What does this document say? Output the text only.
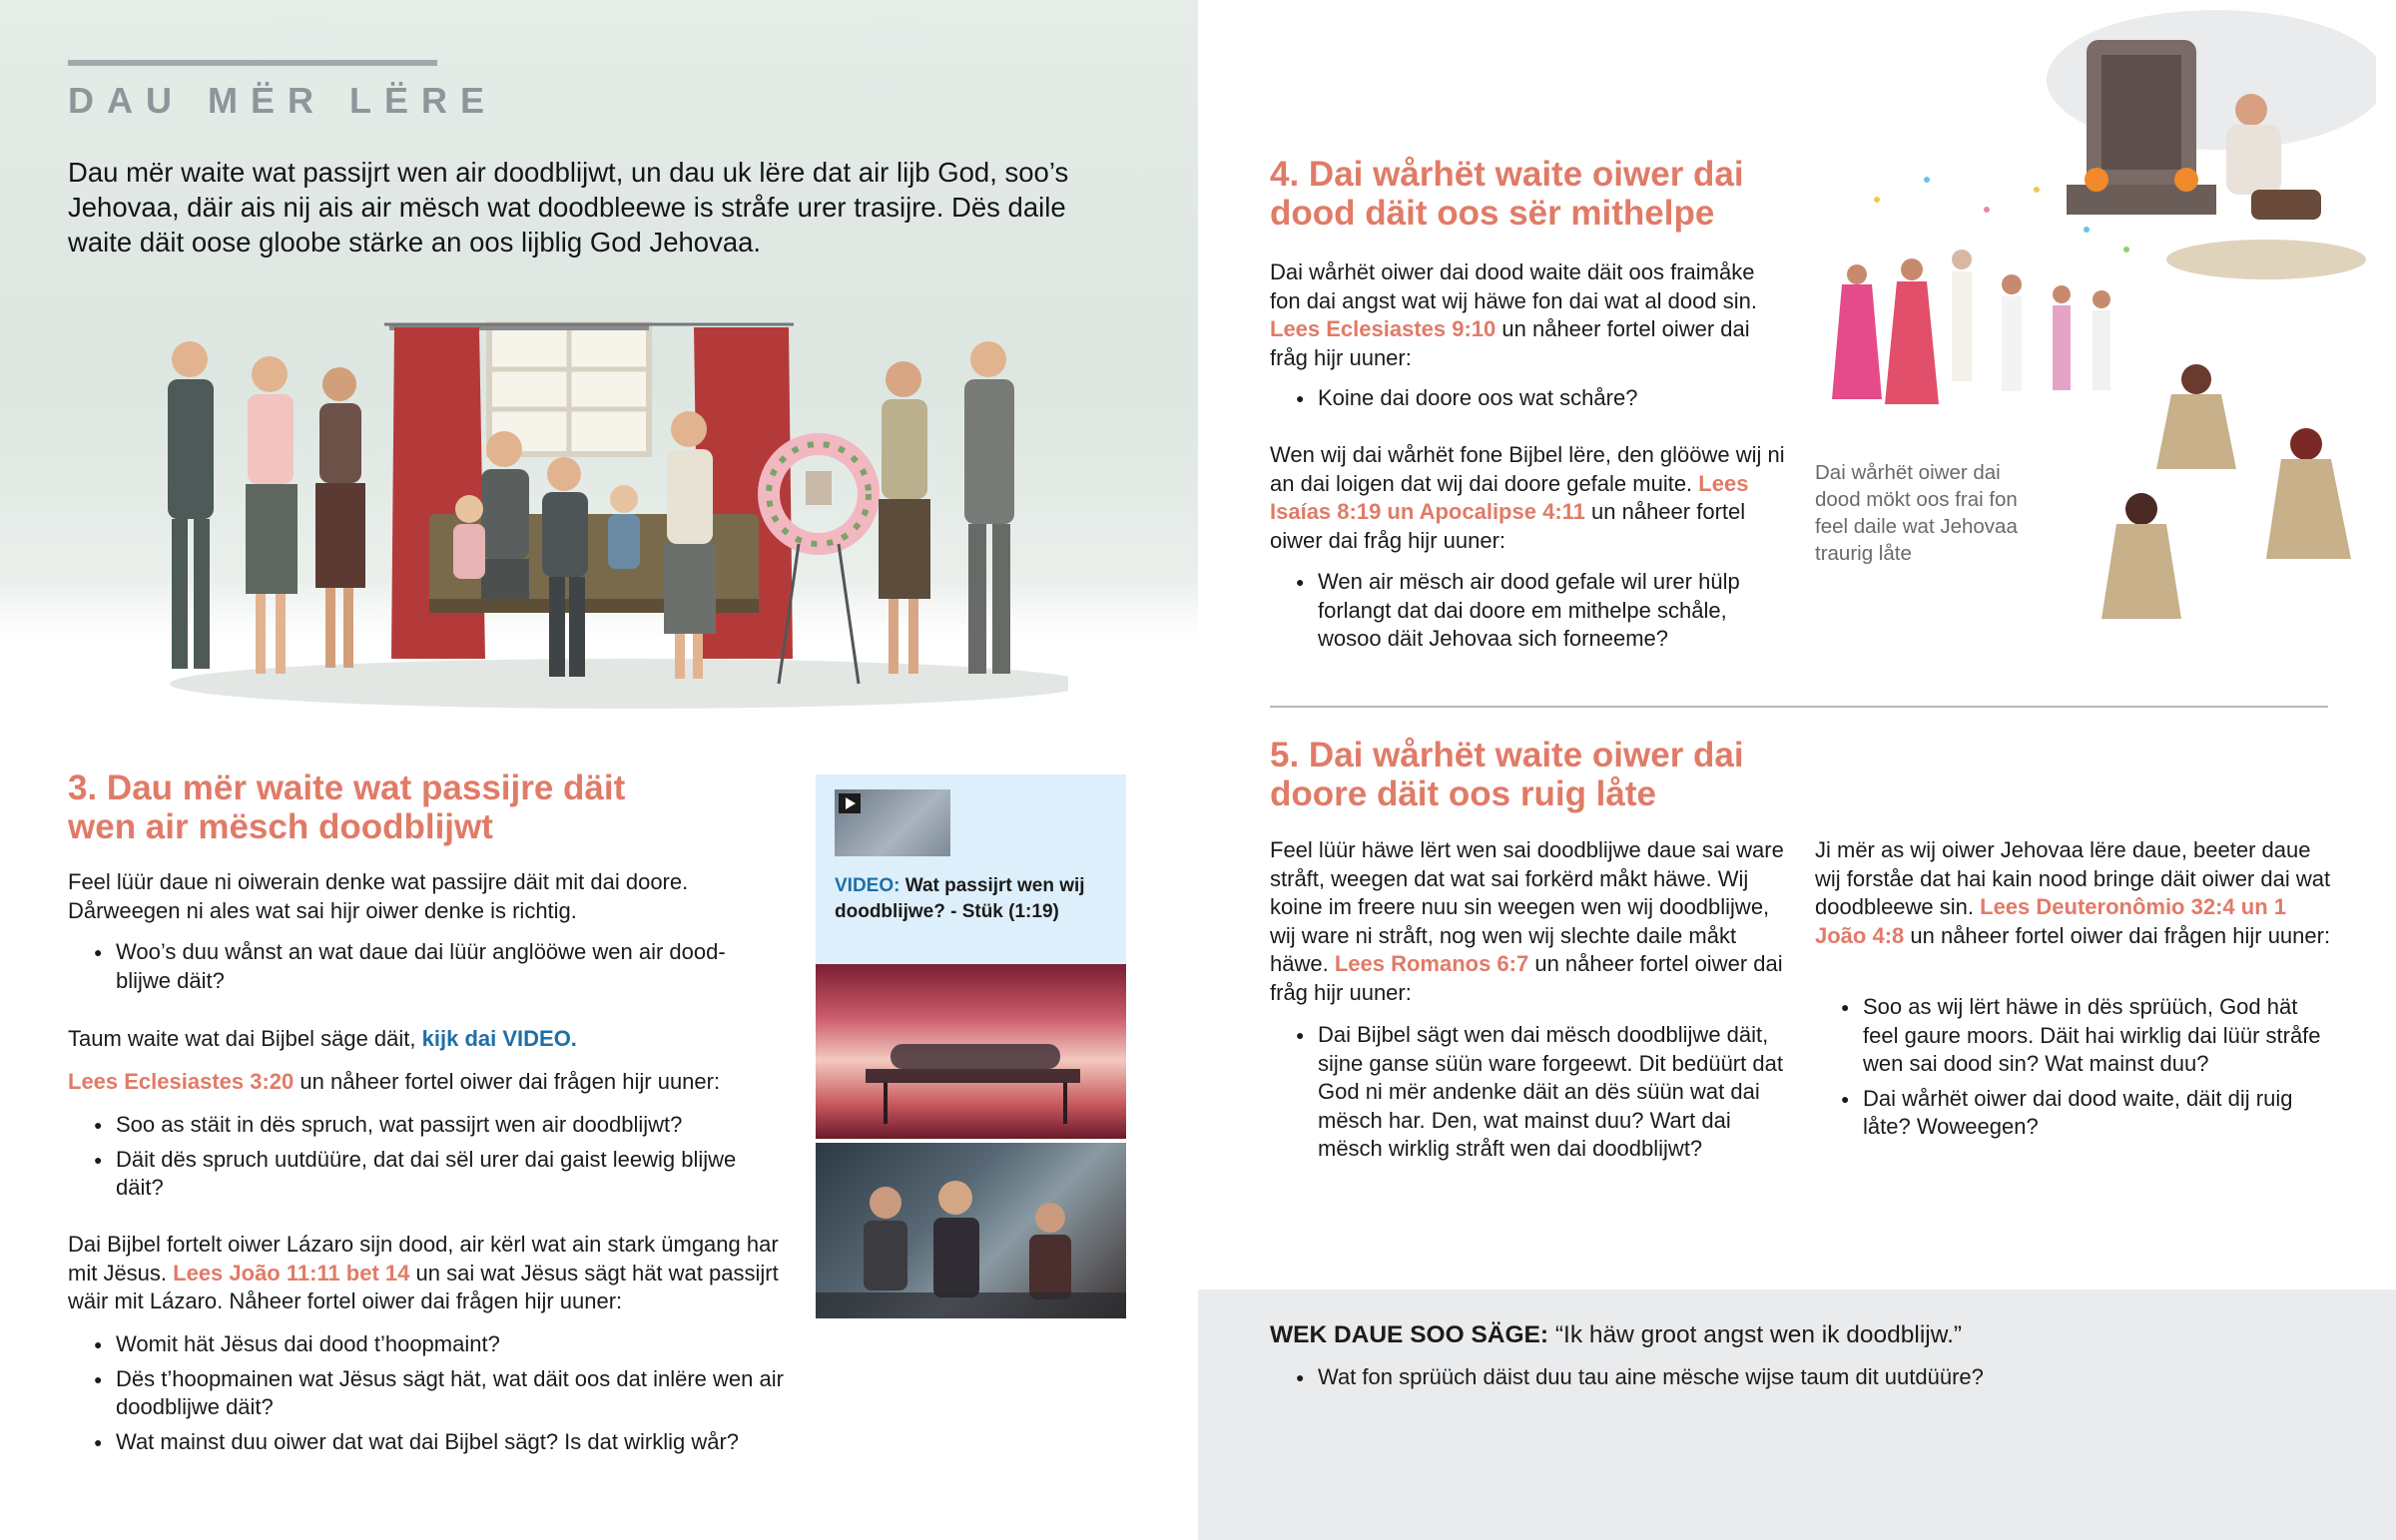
DAU MËR LËRE
Dau mër waite wat passijrt wen air doodblijwt, un dau uk lëre dat air lijb God, soo’s Jehovaa, däir ais nij ais air mësch wat doodbleewe is stråfe urer trasijre. Dës daile waite däit oose gloobe stärke an oos lijblig God Jehovaa.
3. Dau mër waite wat passijre däit
wen air mësch doodblijwt
Feel lüür daue ni oiwerain denke wat passijre däit mit dai doore. Dårweegen ni ales wat sai hijr oiwer denke is richtig.
● Woo’s duu wånst an wat daue dai lüür anglööwe wen air dood-blijwe däit?
Taum waite wat dai Bijbel säge däit, kijk dai VIDEO.
Lees Eclesiastes 3:20 un nåheer fortel oiwer dai frågen hijr uuner:
● Soo as stäit in dës spruch, wat passijrt wen air doodblijwt?
● Däit dës spruch uutdüüre, dat dai sël urer dai gaist leewig blijwe däit?
Dai Bijbel fortelt oiwer Lázaro sijn dood, air kërl wat ain stark ümgang har mit Jësus. Lees João 11:11 bet 14 un sai wat Jësus sägt hät wat passijrt wäir mit Lázaro. Nåheer fortel oiwer dai frågen hijr uuner:
● Womit hät Jësus dai dood t’hoopmaint?
● Dës t’hoopmainen wat Jësus sägt hät, wat däit oos dat inlëre wen air doodblijwe däit?
● Wat mainst duu oiwer dat wat dai Bijbel sägt? Is dat wirklig wår?
VIDEO: Wat passijrt wen wij doodblijwe? - Stük (1:19)
4. Dai wårhët waite oiwer dai
dood däit oos sër mithelpe
Dai wårhët oiwer dai dood waite däit oos fraimåke fon dai angst wat wij häwe fon dai wat al dood sin. Lees Eclesiastes 9:10 un nåheer fortel oiwer dai fråg hijr uuner:
● Koine dai doore oos wat schåre?
Wen wij dai wårhët fone Bijbel lëre, den glööwe wij ni an dai loigen dat wij dai doore gefale muite. Lees Isaías 8:19 un Apocalipse 4:11 un nåheer fortel oiwer dai fråg hijr uuner:
● Wen air mësch air dood gefale wil urer hülp forlangt dat dai doore em mithelpe schåle, wosoo däit Jehovaa sich forneeme?
Dai wårhët oiwer dai dood mökt oos frai fon feel daile wat Jehovaa traurig låte
5. Dai wårhët waite oiwer dai
doore däit oos ruig låte
Feel lüür häwe lërt wen sai doodblijwe daue sai ware stråft, weegen dat wat sai forkërd måkt häwe. Wij koine im freere nuu sin weegen wen wij doodblijwe, wij ware ni stråft, nog wen wij slechte daile måkt häwe. Lees Romanos 6:7 un nåheer fortel oiwer dai fråg hijr uuner:
● Dai Bijbel sägt wen dai mësch doodblijwe däit, sijne ganse süün ware forgeewt. Dit bedüürt dat God ni mër andenke däit an dës süün wat dai mësch har. Den, wat mainst duu? Wart dai mësch wirklig stråft wen dai doodblijwt?
Ji mër as wij oiwer Jehovaa lëre daue, beeter daue wij forståe dat hai kain nood bringe däit oiwer dai wat doodbleewe sin. Lees Deuteronômio 32:4 un 1 João 4:8 un nåheer fortel oiwer dai frågen hijr uuner:
● Soo as wij lërt häwe in dës sprüüch, God hät feel gaure moors. Däit hai wirklig dai lüür stråfe wen sai dood sin? Wat mainst duu?
● Dai wårhët oiwer dai dood waite, däit dij ruig låte? Woweegen?
WEK DAUE SOO SÄGE: “Ik häw groot angst wen ik doodblijw.”
● Wat fon sprüüch däist duu tau aine mësche wijse taum dit uutdüüre?
